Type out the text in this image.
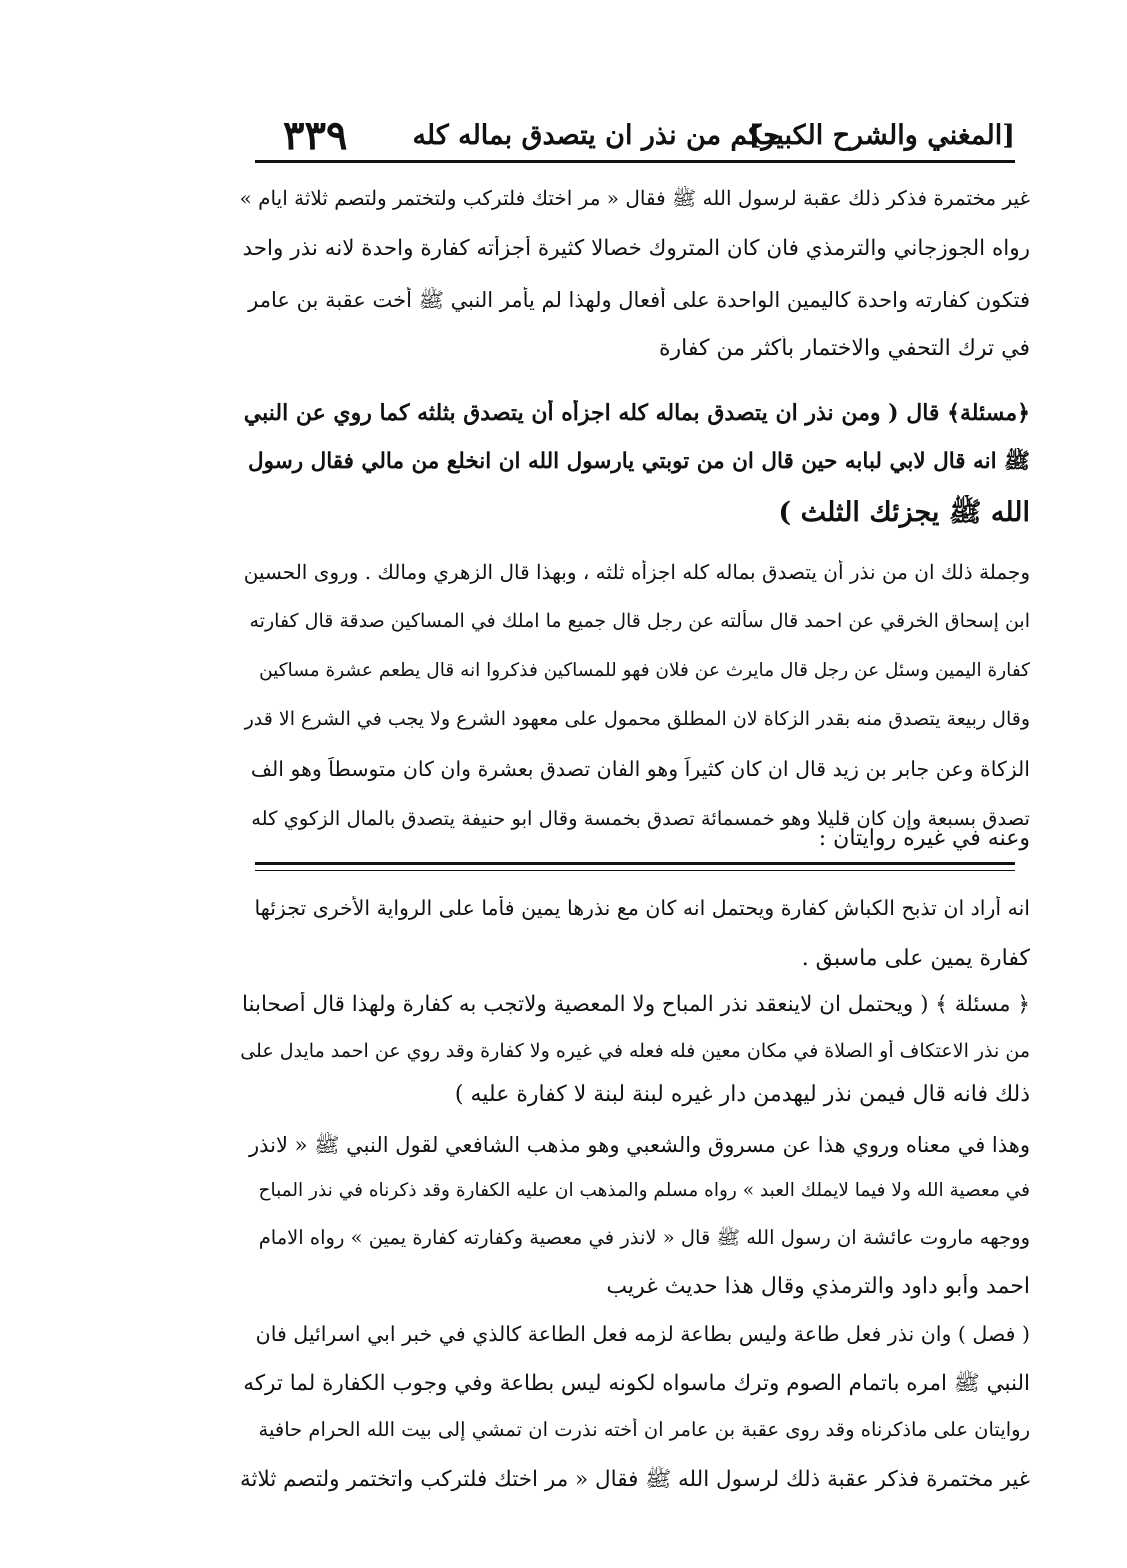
[المغني والشرح الكبير]
حكم من نذر ان يتصدق بماله كله
٣٣٩
غير مختمرة فذكر ذلك عقبة لرسول الله ﷺ فقال « مر اختك فلتركب ولتختمر ولتصم ثلاثة ايام »
رواه الجوزجاني والترمذي فان كان المتروك خصالا كثيرة أجزأته كفارة واحدة لانه نذر واحد
فتكون كفارته واحدة كاليمين الواحدة على أفعال ولهذا لم يأمر النبي ﷺ أخت عقبة بن عامر
في ترك التحفي والاختمار بأكثر من كفارة
﴿مسئلة﴾ قال ( ومن نذر ان يتصدق بماله كله اجزأه أن يتصدق بثلثه كما روي عن النبي
ﷺ انه قال لابي لبابه حين قال ان من توبتي يارسول الله ان انخلع من مالي فقال رسول
الله ﷺ يجزئك الثلث )
وجملة ذلك ان من نذر أن يتصدق بماله كله اجزأه ثلثه ، وبهذا قال الزهري ومالك . وروى الحسين
ابن إسحاق الخرقي عن احمد قال سألته عن رجل قال جميع ما املك في المساكين صدقة قال كفارته
كفارة اليمين وسئل عن رجل قال مايرث عن فلان فهو للمساكين فذكروا انه قال يطعم عشرة مساكين
وقال ربيعة يتصدق منه بقدر الزكاة لان المطلق محمول على معهود الشرع ولا يجب في الشرع الا قدر
الزكاة وعن جابر بن زيد قال ان كان كثيراً وهو الفان تصدق بعشرة وان كان متوسطاً وهو الف
تصدق بسبعة وإن كان قليلا وهو خمسمائة تصدق بخمسة وقال ابو حنيفة يتصدق بالمال الزكوي كله
وعنه في غيره روايتان :
انه أراد ان تذبح الكباش كفارة ويحتمل انه كان مع نذرها يمين فأما على الرواية الأخرى تجزئها
كفارة يمين على ماسبق .
﴿ مسئلة ﴾ ( ويحتمل ان لاينعقد نذر المباح ولا المعصية ولاتجب به كفارة ولهذا قال أصحابنا
من نذر الاعتكاف أو الصلاة في مكان معين فله فعله في غيره ولا كفارة وقد روي عن احمد مايدل على
ذلك فانه قال فيمن نذر ليهدمن دار غيره لبنة لبنة لا كفارة عليه )
وهذا في معناه وروي هذا عن مسروق والشعبي وهو مذهب الشافعي لقول النبي ﷺ « لانذر
في معصية الله ولا فيما لايملك العبد » رواه مسلم والمذهب ان عليه الكفارة وقد ذكرناه في نذر المباح
ووجهه ماروت عائشة ان رسول الله ﷺ قال « لانذر في معصية وكفارته كفارة يمين » رواه الامام
احمد وأبو داود والترمذي وقال هذا حديث غريب
( فصل ) وان نذر فعل طاعة وليس بطاعة لزمه فعل الطاعة كالذي في خبر ابي اسرائيل فان
النبي ﷺ امره باتمام الصوم وترك ماسواه لكونه ليس بطاعة وفي وجوب الكفارة لما تركه
روايتان على ماذكرناه وقد روى عقبة بن عامر ان أخته نذرت ان تمشي إلى بيت الله الحرام حافية
غير مختمرة فذكر عقبة ذلك لرسول الله ﷺ فقال « مر اختك فلتركب واتختمر ولتصم ثلاثة
